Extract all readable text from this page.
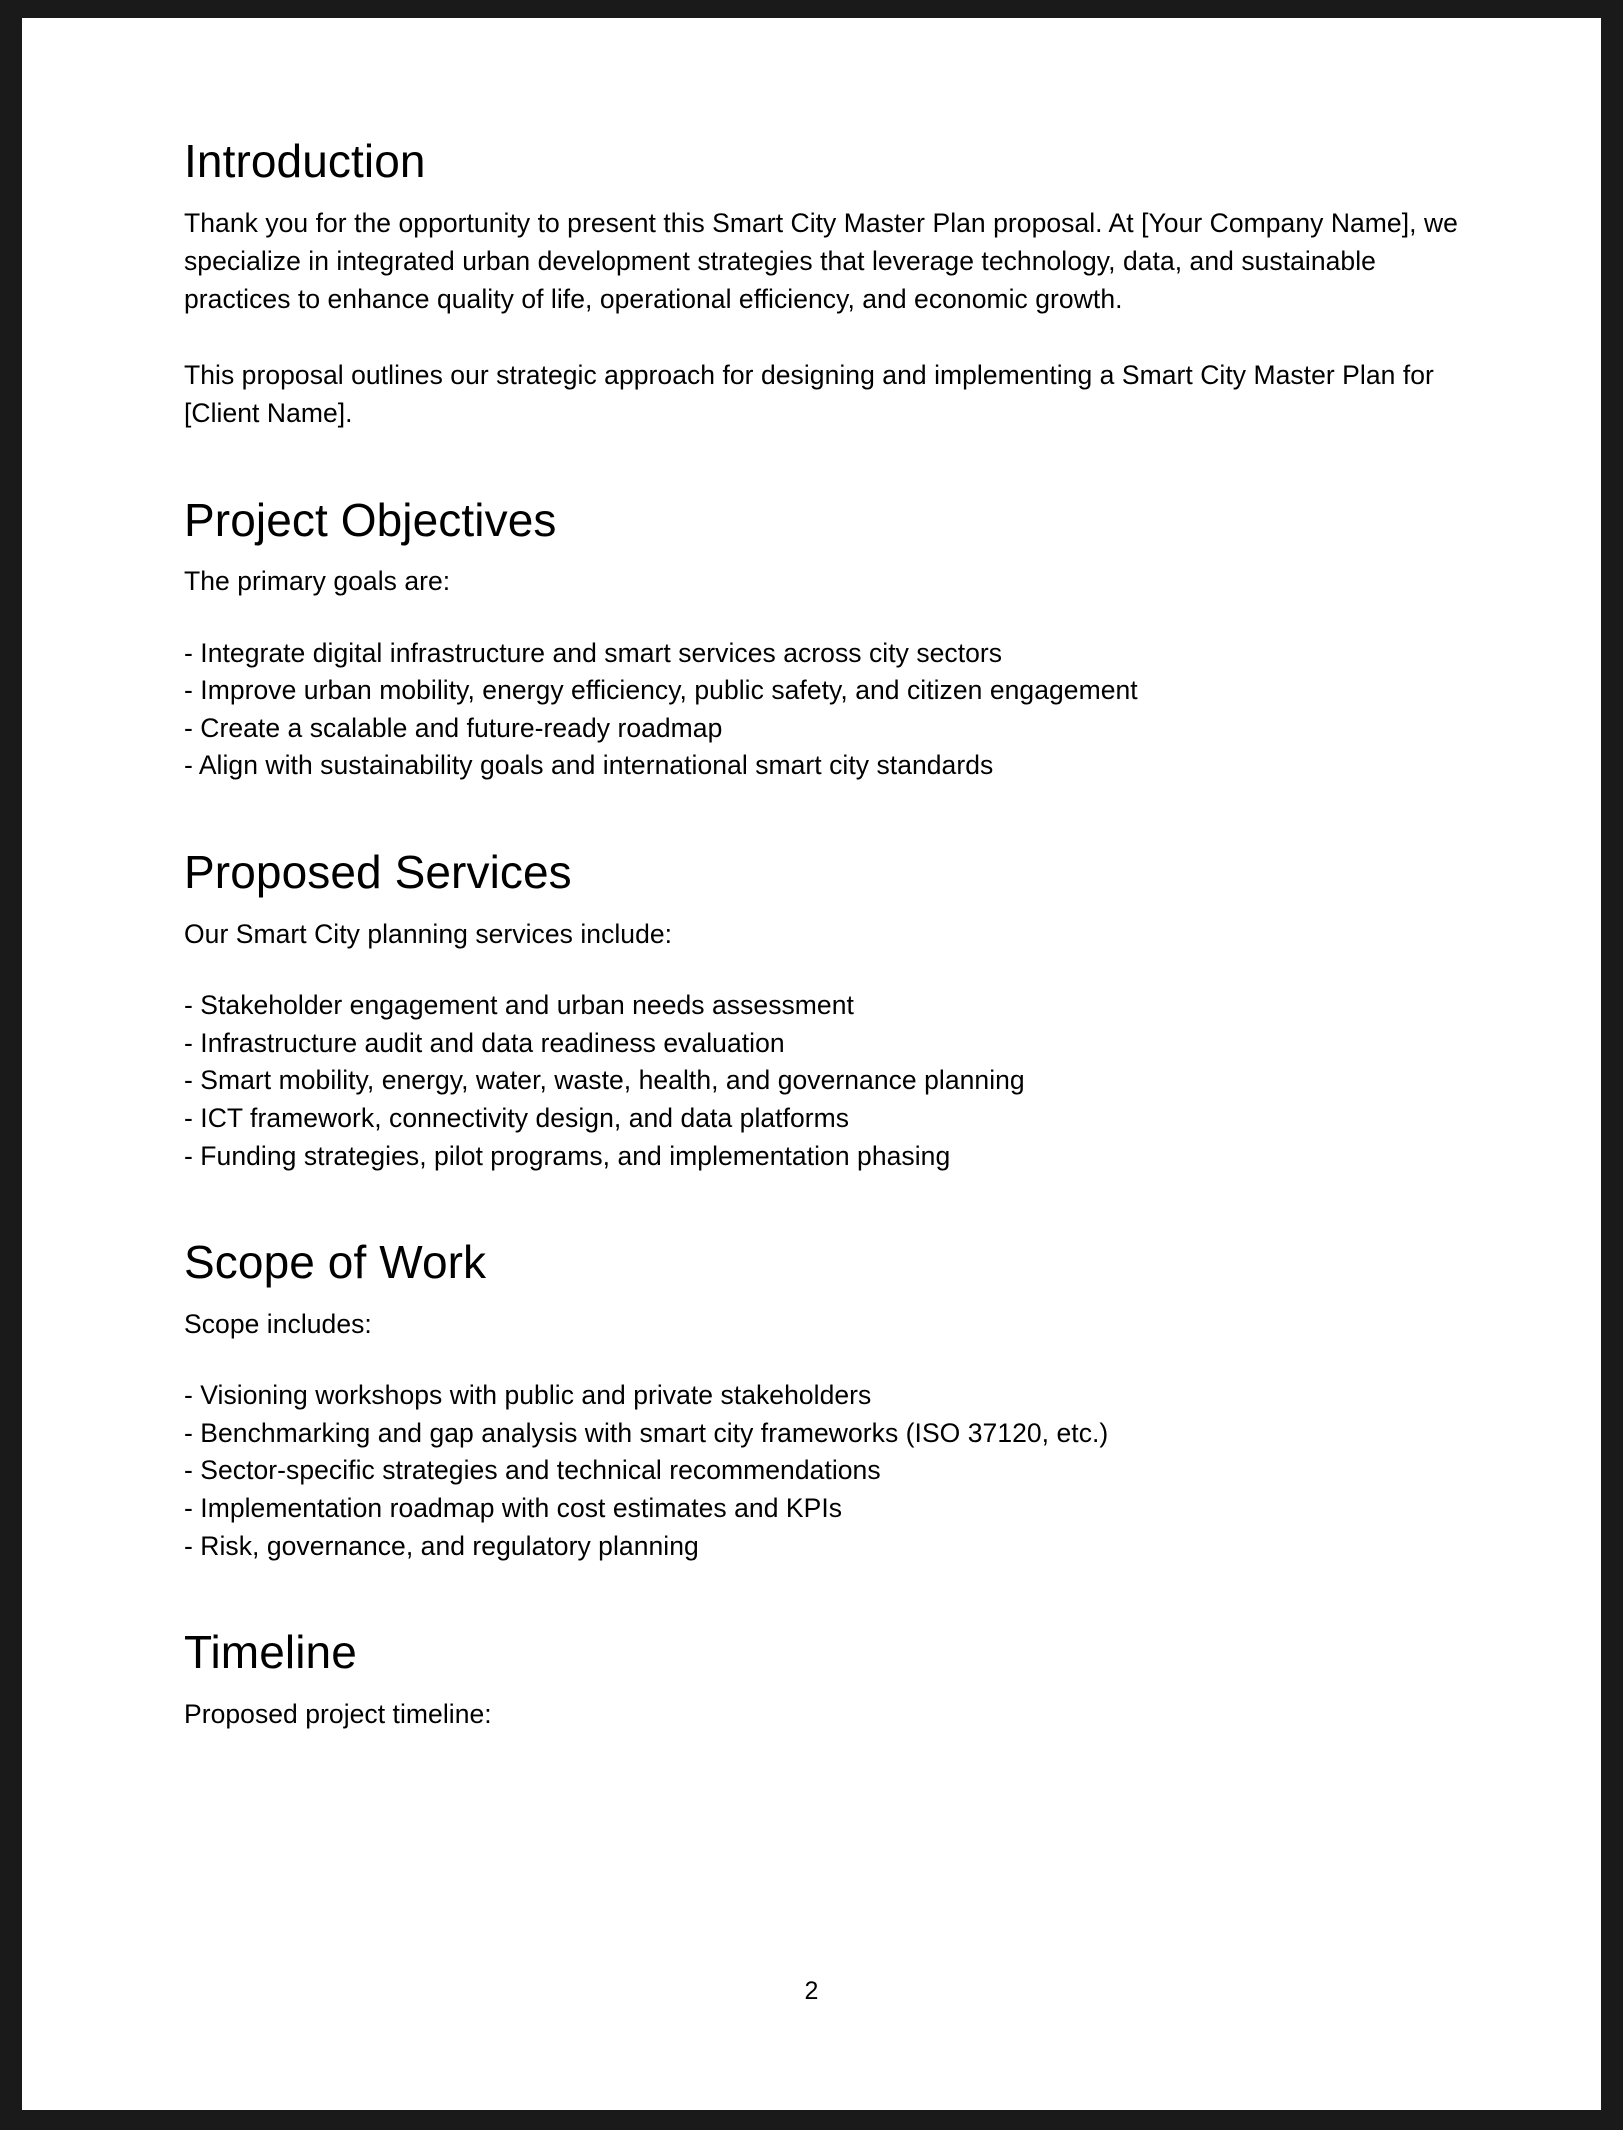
Introduction

Thank you for the opportunity to present this Smart City Master Plan proposal. At [Your Company Name], we specialize in integrated urban development strategies that leverage technology, data, and sustainable practices to enhance quality of life, operational efficiency, and economic growth.

This proposal outlines our strategic approach for designing and implementing a Smart City Master Plan for [Client Name].

Project Objectives

The primary goals are:

- Integrate digital infrastructure and smart services across city sectors
- Improve urban mobility, energy efficiency, public safety, and citizen engagement
- Create a scalable and future-ready roadmap
- Align with sustainability goals and international smart city standards
Proposed Services

Our Smart City planning services include:

- Stakeholder engagement and urban needs assessment
- Infrastructure audit and data readiness evaluation
- Smart mobility, energy, water, waste, health, and governance planning
- ICT framework, connectivity design, and data platforms
- Funding strategies, pilot programs, and implementation phasing
Scope of Work

Scope includes:

- Visioning workshops with public and private stakeholders
- Benchmarking and gap analysis with smart city frameworks (ISO 37120, etc.)
- Sector-specific strategies and technical recommendations
- Implementation roadmap with cost estimates and KPIs
- Risk, governance, and regulatory planning
Timeline

Proposed project timeline:

2
